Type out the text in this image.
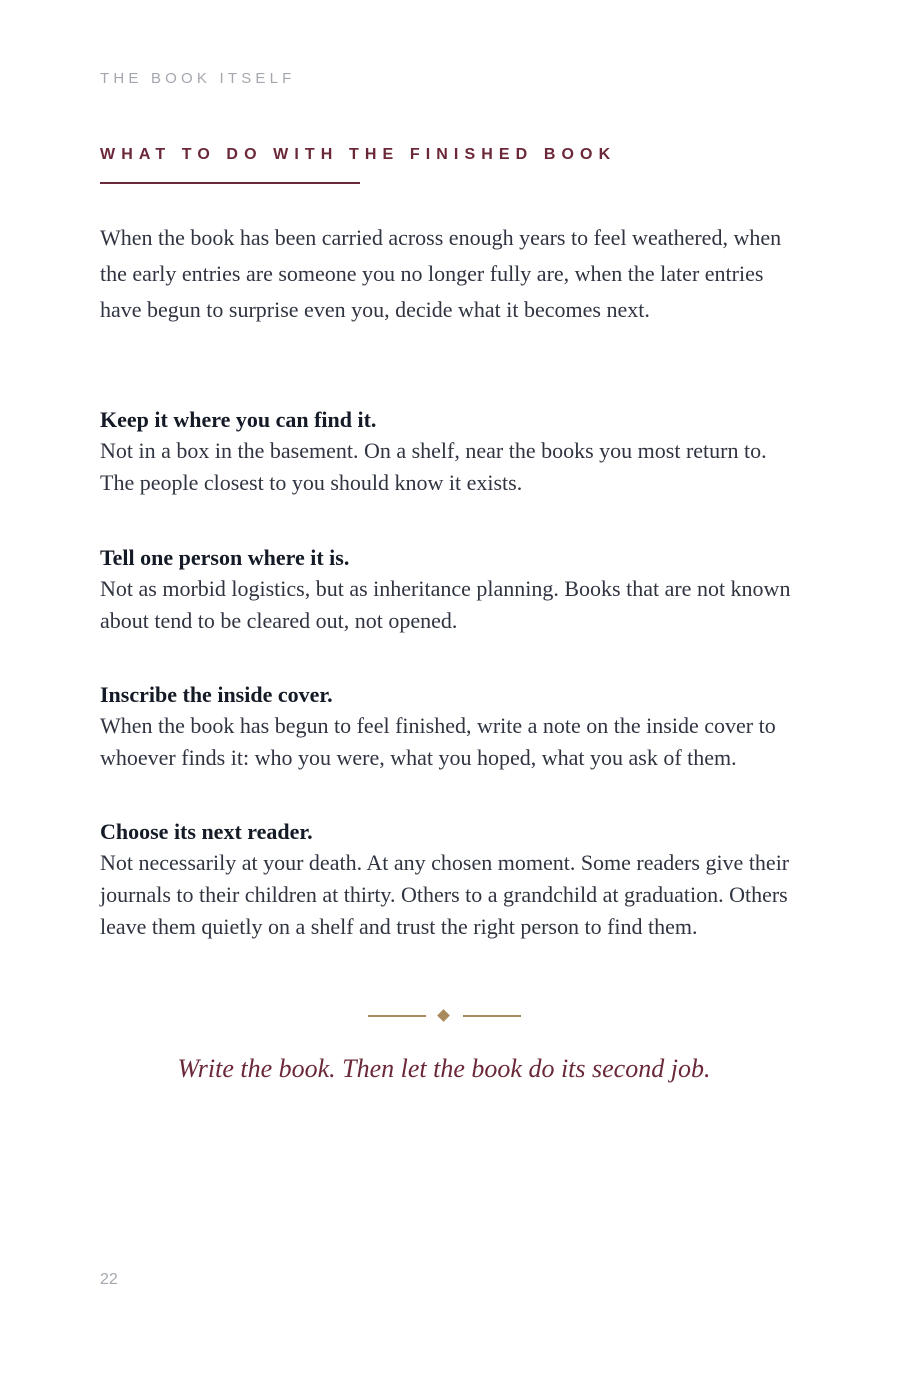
THE BOOK ITSELF
WHAT TO DO WITH THE FINISHED BOOK

When the book has been carried across enough years to feel weathered, when the early entries are someone you no longer fully are, when the later entries have begun to surprise even you, decide what it becomes next.

Keep it where you can find it.

Not in a box in the basement. On a shelf, near the books you most return to. The people closest to you should know it exists.

Tell one person where it is.

Not as morbid logistics, but as inheritance planning. Books that are not known about tend to be cleared out, not opened.

Inscribe the inside cover.

When the book has begun to feel finished, write a note on the inside cover to whoever finds it: who you were, what you hoped, what you ask of them.

Choose its next reader.

Not necessarily at your death. At any chosen moment. Some readers give their journals to their children at thirty. Others to a grandchild at graduation. Others leave them quietly on a shelf and trust the right person to find them.

Write the book. Then let the book do its second job.

22
